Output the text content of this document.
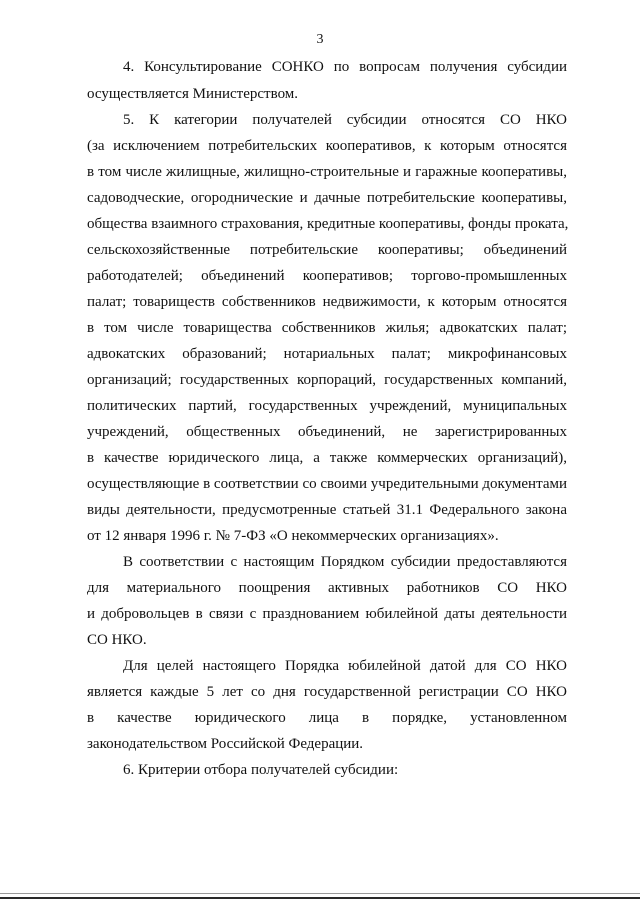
3
4. Консультирование СОНКО по вопросам получения субсидии
осуществляется Министерством.
5. К категории получателей субсидии относятся СО НКО
(за исключением потребительских кооперативов, к которым относятся
в том числе жилищные, жилищно-строительные и гаражные кооперативы,
садоводческие, огороднические и дачные потребительские кооперативы,
общества взаимного страхования, кредитные кооперативы, фонды проката,
сельскохозяйственные потребительские кооперативы; объединений
работодателей; объединений кооперативов; торгово-промышленных
палат; товариществ собственников недвижимости, к которым относятся
в том числе товарищества собственников жилья; адвокатских палат;
адвокатских образований; нотариальных палат; микрофинансовых
организаций; государственных корпораций, государственных компаний,
политических партий, государственных учреждений, муниципальных
учреждений, общественных объединений, не зарегистрированных
в качестве юридического лица, а также коммерческих организаций),
осуществляющие в соответствии со своими учредительными документами
виды деятельности, предусмотренные статьей 31.1 Федерального закона
от 12 января 1996 г. № 7-ФЗ «О некоммерческих организациях».
В соответствии с настоящим Порядком субсидии предоставляются
для материального поощрения активных работников СО НКО
и добровольцев в связи с празднованием юбилейной даты деятельности
СО НКО.
Для целей настоящего Порядка юбилейной датой для СО НКО
является каждые 5 лет со дня государственной регистрации СО НКО
в качестве юридического лица в порядке, установленном
законодательством Российской Федерации.
6. Критерии отбора получателей субсидии:
